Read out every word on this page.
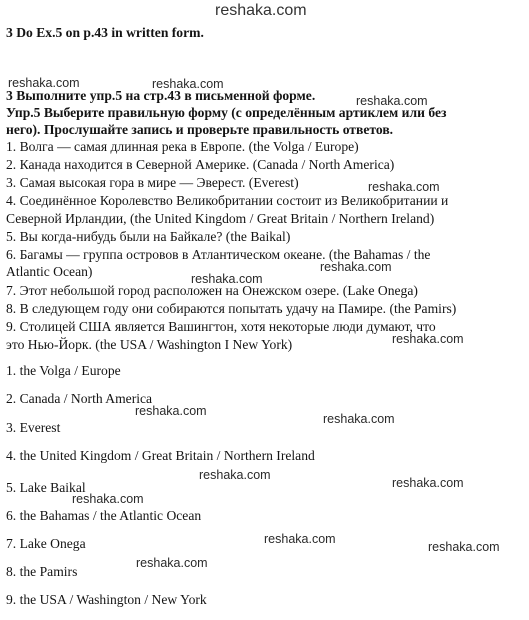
reshaka.com
reshaka.com	reshaka.com
reshaka.com
reshaka.com
reshaka.com
reshaka.com
reshaka.com
reshaka.com
reshaka.com
reshaka.com
reshaka.com
reshaka.com
reshaka.com
reshaka.com
reshaka.com
3 Do Ex.5 on p.43 in written form.
3 Выполните упр.5 на стр.43 в письменной форме.
Упр.5 Выберите правильную форму (с определённым артиклем или без
него). Прослушайте запись и проверьте правильность ответов.
1. Волга — самая длинная река в Европе. (the Volga / Europe)
2. Канада находится в Северной Америке. (Canada / North America)
3. Самая высокая гора в мире — Эверест. (Everest)
4. Соединённое Королевство Великобритании состоит из Великобритании и
Северной Ирландии, (the United Kingdom / Great Britain / Northern Ireland)
5. Вы когда-нибудь были на Байкале? (the Baikal)
6. Багамы — группа островов в Атлантическом океане. (the Bahamas / the
Atlantic Ocean)
7. Этот небольшой город расположен на Онежском озере. (Lake Onega)
8. В следующем году они собираются попытать удачу на Памире. (the Pamirs)
9. Столицей США является Вашингтон, хотя некоторые люди думают, что
это Нью-Йорк. (the USA / Washington I New York)
1. the Volga / Europe
2. Canada / North America
3. Everest
4. the United Kingdom / Great Britain / Northern Ireland
5. Lake Baikal
6. the Bahamas / the Atlantic Ocean
7. Lake Onega
8. the Pamirs
9. the USA / Washington / New York
